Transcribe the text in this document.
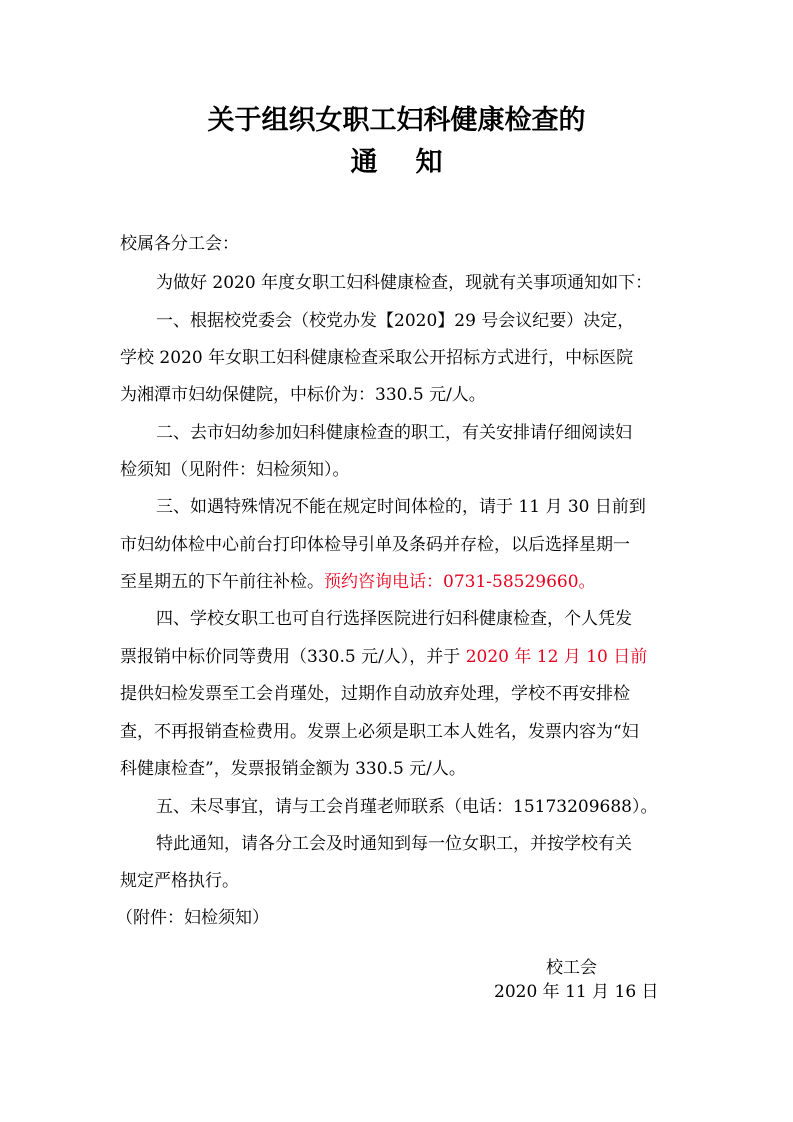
关于组织女职工妇科健康检查的
通 知
校属各分工会：
为做好 2020 年度女职工妇科健康检查，现就有关事项通知如下：
一、根据校党委会（校党办发【2020】29 号会议纪要）决定，
学校 2020 年女职工妇科健康检查采取公开招标方式进行，中标医院
为湘潭市妇幼保健院，中标价为：330.5 元/人。
二、去市妇幼参加妇科健康检查的职工，有关安排请仔细阅读妇
检须知（见附件：妇检须知）。
三、如遇特殊情况不能在规定时间体检的，请于 11 月 30 日前到
市妇幼体检中心前台打印体检导引单及条码并存检，以后选择星期一
至星期五的下午前往补检。预约咨询电话：0731-58529660。
四、学校女职工也可自行选择医院进行妇科健康检查，个人凭发
票报销中标价同等费用（330.5 元/人），并于 2020 年 12 月 10 日前
提供妇检发票至工会肖瑾处，过期作自动放弃处理，学校不再安排检
查，不再报销查检费用。发票上必须是职工本人姓名，发票内容为“妇
科健康检查”，发票报销金额为 330.5 元/人。
五、未尽事宜，请与工会肖瑾老师联系（电话：15173209688）。
特此通知，请各分工会及时通知到每一位女职工，并按学校有关
规定严格执行。
（附件：妇检须知）
校工会
2020 年 11 月 16 日
